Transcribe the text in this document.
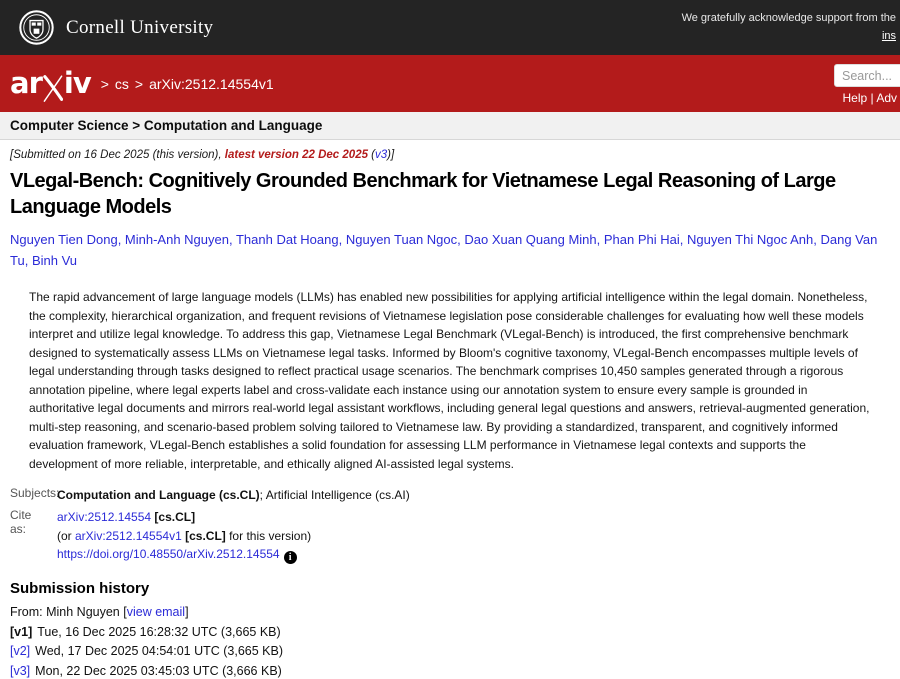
Cornell University	We gratefully acknowledge support from the
ins
ar iv > cs > arXiv:2512.14554v1
Search...
Help | Adv
Computer Science > Computation and Language
[Submitted on 16 Dec 2025 (this version), latest version 22 Dec 2025 (v3)]
VLegal-Bench: Cognitively Grounded Benchmark for Vietnamese Legal Reasoning of Large Language Models
Nguyen Tien Dong, Minh-Anh Nguyen, Thanh Dat Hoang, Nguyen Tuan Ngoc, Dao Xuan Quang Minh, Phan Phi Hai, Nguyen Thi Ngoc Anh, Dang Van Tu, Binh Vu

The rapid advancement of large language models (LLMs) has enabled new possibilities for applying artificial intelligence within the legal domain. Nonetheless, the complexity, hierarchical organization, and frequent revisions of Vietnamese legislation pose considerable challenges for evaluating how well these models interpret and utilize legal knowledge. To address this gap, Vietnamese Legal Benchmark (VLegal-Bench) is introduced, the first comprehensive benchmark designed to systematically assess LLMs on Vietnamese legal tasks. Informed by Bloom's cognitive taxonomy, VLegal-Bench encompasses multiple levels of legal understanding through tasks designed to reflect practical usage scenarios. The benchmark comprises 10,450 samples generated through a rigorous annotation pipeline, where legal experts label and cross-validate each instance using our annotation system to ensure every sample is grounded in authoritative legal documents and mirrors real-world legal assistant workflows, including general legal questions and answers, retrieval-augmented generation, multi-step reasoning, and scenario-based problem solving tailored to Vietnamese law. By providing a standardized, transparent, and cognitively informed evaluation framework, VLegal-Bench establishes a solid foundation for assessing LLM performance in Vietnamese legal contexts and supports the development of more reliable, interpretable, and ethically aligned AI-assisted legal systems.

Subjects:
Computation and Language (cs.CL); Artificial Intelligence (cs.AI)
Cite as:
arXiv:2512.14554 [cs.CL]
(or arXiv:2512.14554v1 [cs.CL] for this version)
https://doi.org/10.48550/arXiv.2512.14554 i
Submission history
From: Minh Nguyen [view email]
[v1] Tue, 16 Dec 2025 16:28:32 UTC (3,665 KB)
[v2] Wed, 17 Dec 2025 04:54:01 UTC (3,665 KB)
[v3] Mon, 22 Dec 2025 03:45:03 UTC (3,666 KB)
